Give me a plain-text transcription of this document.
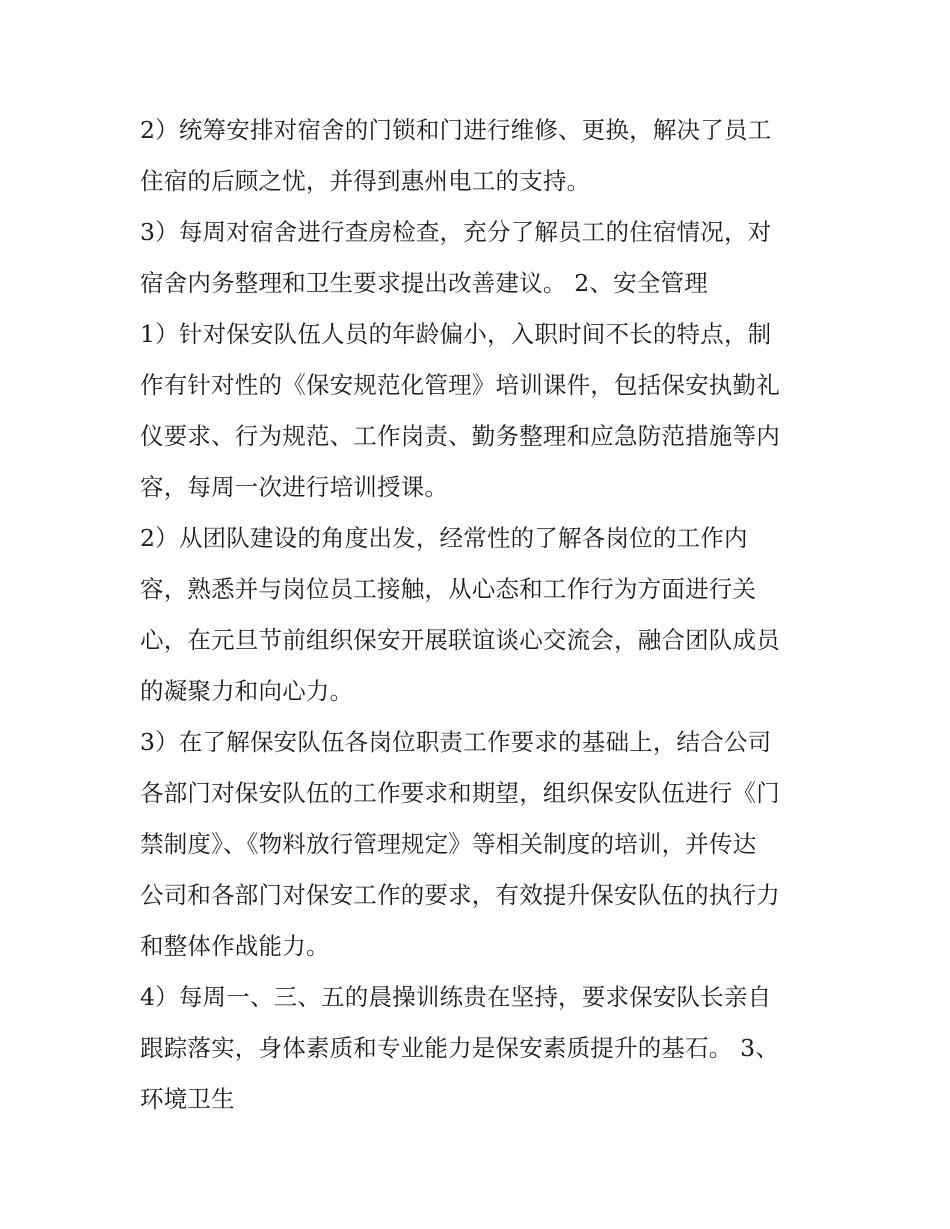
2）统筹安排对宿舍的门锁和门进行维修、更换，解决了员工
住宿的后顾之忧，并得到惠州电工的支持。
3）每周对宿舍进行查房检查，充分了解员工的住宿情况，对
宿舍内务整理和卫生要求提出改善建议。 2、安全管理
1）针对保安队伍人员的年龄偏小，入职时间不长的特点，制
作有针对性的《保安规范化管理》培训课件，包括保安执勤礼
仪要求、行为规范、工作岗责、勤务整理和应急防范措施等内
容，每周一次进行培训授课。
2）从团队建设的角度出发，经常性的了解各岗位的工作内
容，熟悉并与岗位员工接触，从心态和工作行为方面进行关
心，在元旦节前组织保安开展联谊谈心交流会，融合团队成员
的凝聚力和向心力。
3）在了解保安队伍各岗位职责工作要求的基础上，结合公司
各部门对保安队伍的工作要求和期望，组织保安队伍进行《门
禁制度》、《物料放行管理规定》等相关制度的培训，并传达
公司和各部门对保安工作的要求，有效提升保安队伍的执行力
和整体作战能力。
4）每周一、三、五的晨操训练贵在坚持，要求保安队长亲自
跟踪落实，身体素质和专业能力是保安素质提升的基石。 3、
环境卫生
